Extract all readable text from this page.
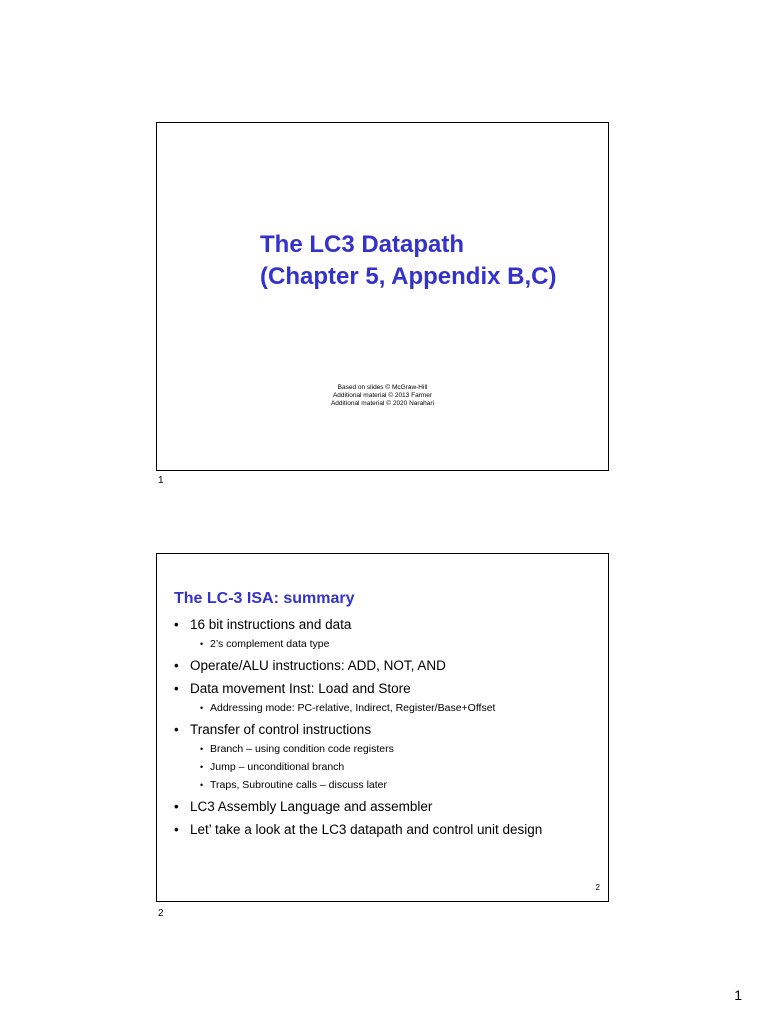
The LC3 Datapath
(Chapter 5, Appendix B,C)
Based on slides © McGraw-Hill
Additional material © 2013 Farmer
Additional material © 2020 Narahari
1
The LC-3 ISA: summary
• 16 bit instructions and data
• 2’s complement data type
• Operate/ALU instructions: ADD, NOT, AND
• Data movement Inst: Load and Store
• Addressing mode: PC-relative, Indirect, Register/Base+Offset
• Transfer of control instructions
• Branch – using condition code registers
• Jump – unconditional branch
• Traps, Subroutine calls – discuss later
• LC3 Assembly Language and assembler
• Let’ take a look at the LC3 datapath and control unit design
2
2
1
